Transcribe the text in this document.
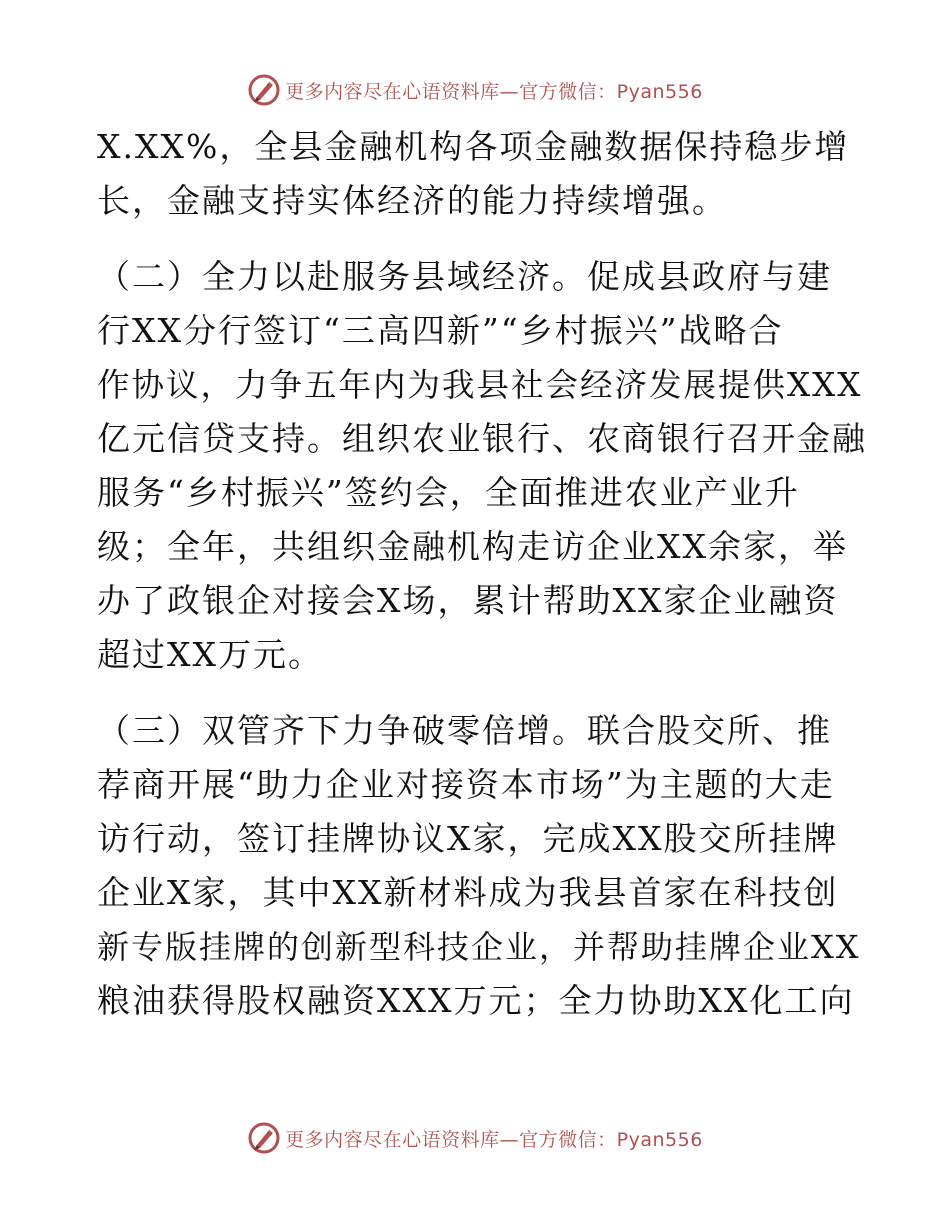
更多内容尽在心语资料库—官方微信：Pyan556

X.XX%，全县金融机构各项金融数据保持稳步增
长，金融支持实体经济的能力持续增强。

（二）全力以赴服务县域经济。促成县政府与建
行XX分行签订“三高四新”“乡村振兴”战略合
作协议，力争五年内为我县社会经济发展提供XXX
亿元信贷支持。组织农业银行、农商银行召开金融
服务“乡村振兴”签约会，全面推进农业产业升
级；全年，共组织金融机构走访企业XX余家，举
办了政银企对接会X场，累计帮助XX家企业融资
超过XX万元。

（三）双管齐下力争破零倍增。联合股交所、推
荐商开展“助力企业对接资本市场”为主题的大走
访行动，签订挂牌协议X家，完成XX股交所挂牌
企业X家，其中XX新材料成为我县首家在科技创
新专版挂牌的创新型科技企业，并帮助挂牌企业XX
粮油获得股权融资XXX万元；全力协助XX化工向

更多内容尽在心语资料库—官方微信：Pyan556
